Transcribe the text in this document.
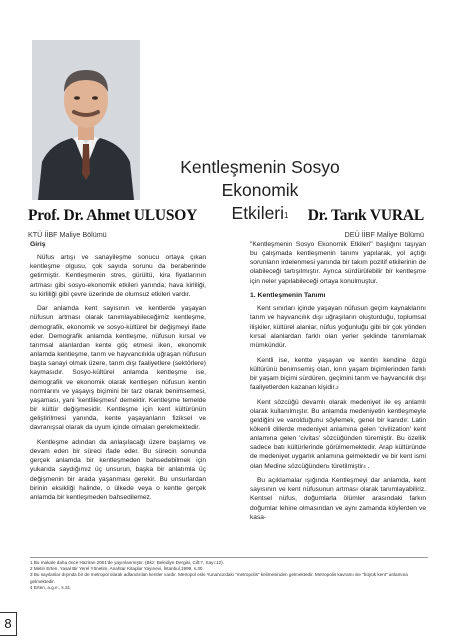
Kentleşmenin Sosyo Ekonomik
Etkileri$^1$
Prof. Dr. Ahmet ULUSOY
KTÜ İİBF Maliye Bölümü
Dr. Tarık VURAL
DEÜ İİBF Maliye Bölümü
Giriş

Nüfus artışı ve sanayileşme sonucu ortaya çıkan kentleşme olgusu, çok sayıda sorunu da beraberinde getirmiştir. Kentleşmenin stres, gürültü, kira fiyatlarının artması gibi sosyo-ekonomik etkileri yanında; hava kirliliği, su kirliliği gibi çevre üzerinde de olumsuz etkileri vardır.

Dar anlamda kent sayısının ve kentlerde yaşayan nüfusun artması olarak tanımlayabileceğimiz kentleşme, demografik, ekonomik ve sosyo-kültürel bir değişmeyi ifade eder. Demografik anlamda kentleşme, nüfusun kırsal ve tarımsal alanlardan kente göç etmesi iken, ekonomik anlamda kentleşme, tarım ve hayvancılıkla uğraşan nüfusun başta sanayi olmak üzere, tarım dışı faaliyetlere (sektörlere) kaymasıdır. Sosyo-kültürel anlamda kentleşme ise, demografik ve ekonomik olarak kentleşen nüfusun kentin normlarını ve yaşayış biçimini bir tarz olarak benimsemesi, yaşaması, yani 'kentlileşmesi' demektir. Kentleşme temelde bir kültür değişmesidir. Kentleşme için kent kültürünün geliştirilmesi yanında, kente yaşayanların fiziksel ve davranışsal olarak da uyum içinde olmaları gerekmektedir.

Kentleşme adından da anlaşılacağı üzere başlamış ve devam eden bir süreci ifade eder. Bu sürecin sonunda gerçek anlamda bir kentleşmeden bahsedebilmek için yukarıda saydığımız üç unsurun, başka bir anlatımla üç değişmenin bir arada yaşanması gerekir. Bu unsurlardan birinin eksikliği halinde, o ülkede veya o kentte gerçek anlamda bir kentleşmeden bahsedilemez.

"Kentleşmenin Sosyo Ekonomik Etkileri" başlığını taşıyan bu çalışmada kentleşmenin tanımı yapılarak, yol açtığı sorunların irdelenmesi yanında bir takım pozitif etkilerinin de olabileceği tartışılmıştır. Ayrıca sürdürülebilir bir kentleşme için neler yapılabileceği ortaya konulmuştur.

1. Kentleşmenin Tanımı

Kent sınırları içinde yaşayan nüfusun geçim kaynaklarını tarım ve hayvancılık dışı uğraşıların oluşturduğu, toplumsal ilişkiler, kültürel alanlar, nüfus yoğunluğu gibi bir çok yönden kırsal alanlardan farklı olan yerler şeklinde tanımlamak mümkündür.

Kentli ise, kentte yaşayan ve kentin kendine özgü kültürünü benimsemiş olan, kırın yaşam biçimlerinden farklı bir yaşam biçimi sürdüren, geçimini tarım ve hayvancılık dışı faaliyetlerden kazanan kişidir.$^2$

Kent sözcüğü devamlı olarak medeniyet ile eş anlamlı olarak kullanılmıştır. Bu anlamda medeniyetin kentleşmeyle geldiğini ve varolduğunu söylemek, genel bir kanıdır. Latin kökenli dillerde medeniyet anlamına gelen 'civilization' kent anlamına gelen 'civitas' sözcüğünden türemiştir. Bu özellik sadece batı kültürlerinde görülmemektedir. Arap kültüründe de medeniyet uygarlık anlamına gelmektedir ve bir kent ismi olan Medine sözcüğünden$^3$ türetilmiştir$^4$ .

Bu açıklamalar ışığında Kentleşmeyi dar anlamda, kent sayısının ve kent nüfusunun artması olarak tanımlayabiliriz. Kentsel nüfus, doğumlarla ölümler arasındaki farkın doğumlar lehine olmasından ve aynı zamanda köylerden ve kasa-

1 Bu makale daha önce Haziran 2001'de yayınlanmıştır. (Bkz: Belediye Dergisi, Cilt:7, Sayı:12).
2 Metin Erten, Yasal Bir Yerel Yönetim, Anahtar Kitaplar Yayınevi, İstanbul,1999, s.30.
3 Bu sayılanlar dışında bir de metropol olarak adlandırılan kentler vardır. Metropol eski Yunanca'daki "metropolis" kelimesinden gelmektedir. Metropolis kavramı ise "büyük kent" anlamına gelmektedir.
4 Erten, a.g.e., s.31.
8
